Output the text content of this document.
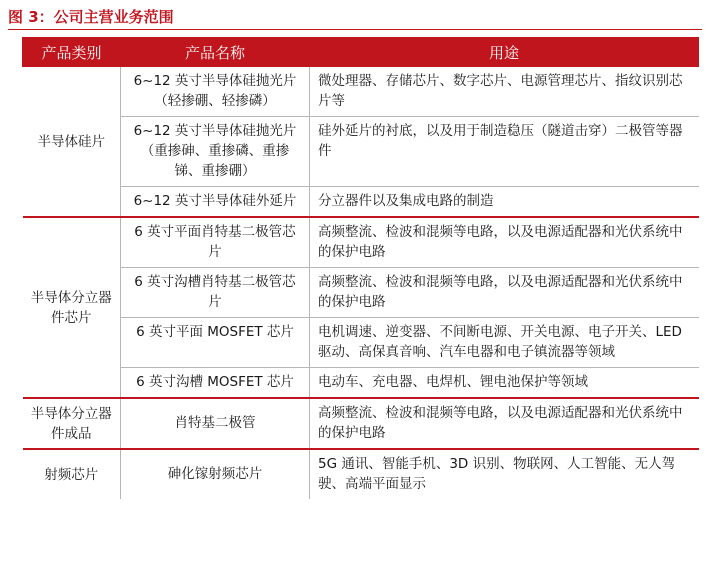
图 3：公司主营业务范围
产品类别	产品名称	用途
半导体硅片	6~12 英寸半导体硅抛光片（轻掺硼、轻掺磷）	微处理器、存储芯片、数字芯片、电源管理芯片、指纹识别芯片等
	6~12 英寸半导体硅抛光片（重掺砷、重掺磷、重掺锑、重掺硼）	硅外延片的衬底，以及用于制造稳压（隧道击穿）二极管等器件
	6~12 英寸半导体硅外延片	分立器件以及集成电路的制造
半导体分立器件芯片	6 英寸平面肖特基二极管芯片	高频整流、检波和混频等电路，以及电源适配器和光伏系统中的保护电路
	6 英寸沟槽肖特基二极管芯片	高频整流、检波和混频等电路，以及电源适配器和光伏系统中的保护电路
	6 英寸平面 MOSFET 芯片	电机调速、逆变器、不间断电源、开关电源、电子开关、LED 驱动、高保真音响、汽车电器和电子镇流器等领域
	6 英寸沟槽 MOSFET 芯片	电动车、充电器、电焊机、锂电池保护等领域
半导体分立器件成品	肖特基二极管	高频整流、检波和混频等电路，以及电源适配器和光伏系统中的保护电路
射频芯片	砷化镓射频芯片	5G 通讯、智能手机、3D 识别、物联网、人工智能、无人驾驶、高端平面显示
